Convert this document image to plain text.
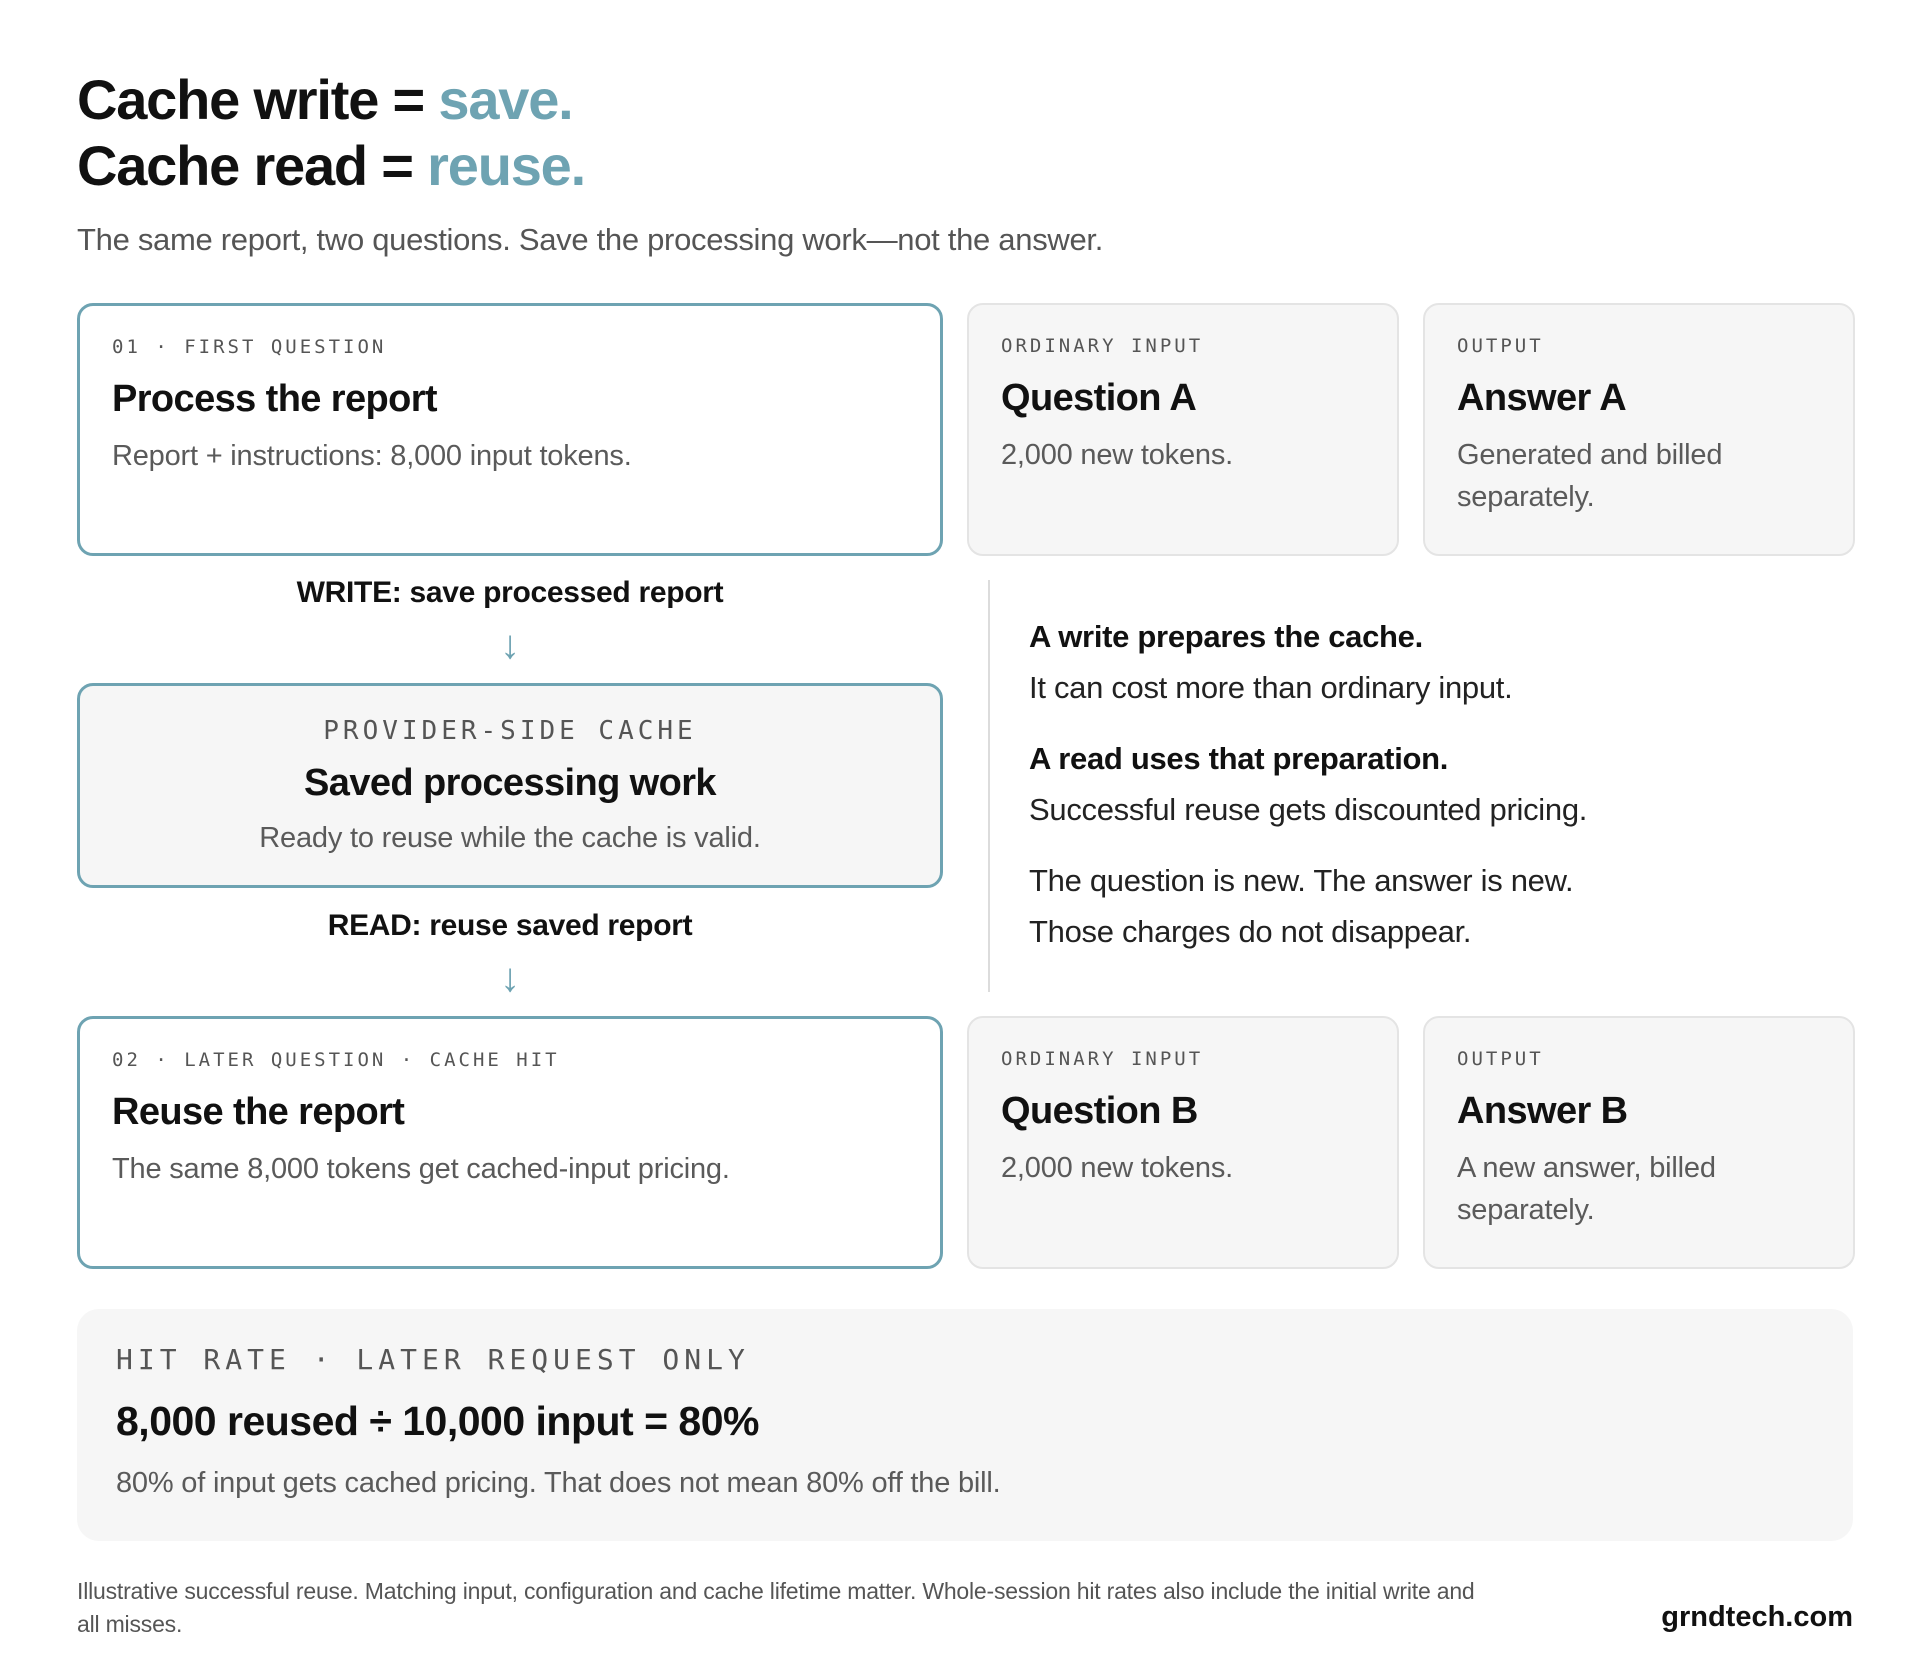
Cache write = save.
Cache read = reuse.
The same report, two questions. Save the processing work—not the answer.
01 · FIRST QUESTION
Process the report
Report + instructions: 8,000 input tokens.
ORDINARY INPUT
Question A
2,000 new tokens.
OUTPUT
Answer A
Generated and billed separately.
WRITE: save processed report
↓
PROVIDER-SIDE CACHE
Saved processing work
Ready to reuse while the cache is valid.
READ: reuse saved report
↓
A write prepares the cache.
It can cost more than ordinary input.
A read uses that preparation.
Successful reuse gets discounted pricing.
The question is new. The answer is new.
Those charges do not disappear.
02 · LATER QUESTION · CACHE HIT
Reuse the report
The same 8,000 tokens get cached-input pricing.
ORDINARY INPUT
Question B
2,000 new tokens.
OUTPUT
Answer B
A new answer, billed separately.
HIT RATE · LATER REQUEST ONLY
8,000 reused ÷ 10,000 input = 80%
80% of input gets cached pricing. That does not mean 80% off the bill.
Illustrative successful reuse. Matching input, configuration and cache lifetime matter. Whole-session hit rates also include the initial write and all misses.	grndtech.com
